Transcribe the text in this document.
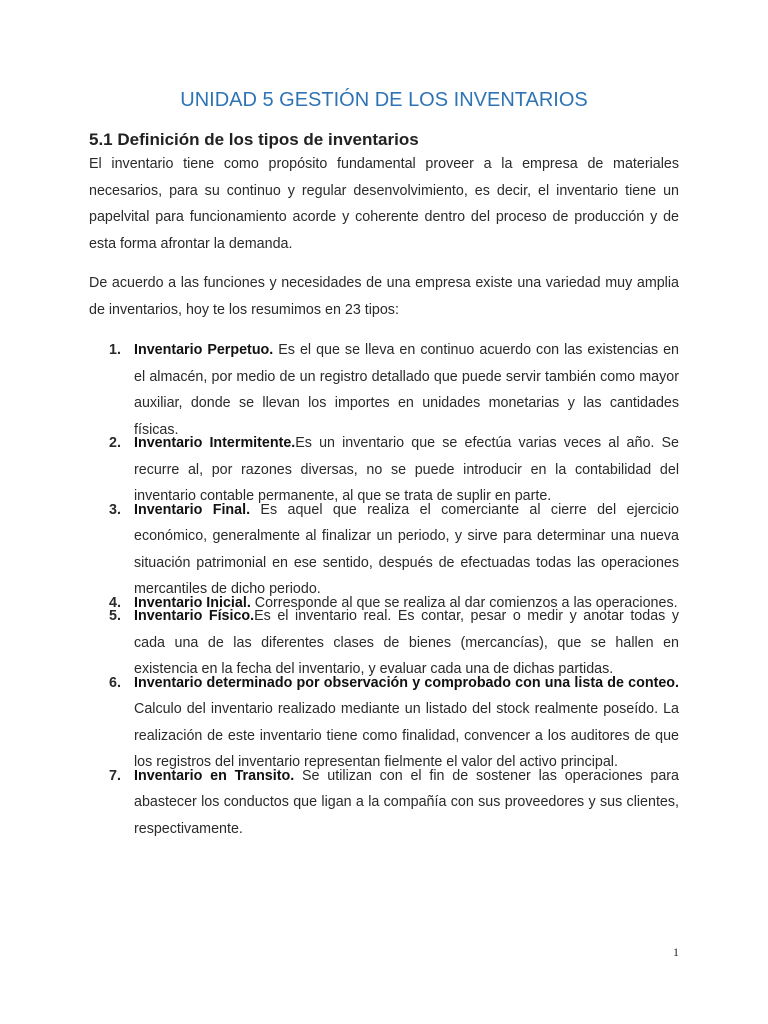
UNIDAD 5 GESTIÓN DE LOS INVENTARIOS
5.1 Definición de los tipos de inventarios

El inventario tiene como propósito fundamental proveer a la empresa de materiales necesarios, para su continuo y regular desenvolvimiento, es decir, el inventario tiene un papelvital para funcionamiento acorde y coherente dentro del proceso de producción y de esta forma afrontar la demanda.

De acuerdo a las funciones y necesidades de una empresa existe una variedad muy amplia de inventarios, hoy te los resumimos en 23 tipos:

1. Inventario Perpetuo. Es el que se lleva en continuo acuerdo con las existencias en el almacén, por medio de un registro detallado que puede servir también como mayor auxiliar, donde se llevan los importes en unidades monetarias y las cantidades físicas.
2. Inventario Intermitente.Es un inventario que se efectúa varias veces al año. Se recurre al, por razones diversas, no se puede introducir en la contabilidad del inventario contable permanente, al que se trata de suplir en parte.
3. Inventario Final. Es aquel que realiza el comerciante al cierre del ejercicio económico, generalmente al finalizar un periodo, y sirve para determinar una nueva situación patrimonial en ese sentido, después de efectuadas todas las operaciones mercantiles de dicho periodo.
4. Inventario Inicial. Corresponde al que se realiza al dar comienzos a las operaciones.
5. Inventario Físico.Es el inventario real. Es contar, pesar o medir y anotar todas y cada una de las diferentes clases de bienes (mercancías), que se hallen en existencia en la fecha del inventario, y evaluar cada una de dichas partidas.
6. Inventario determinado por observación y comprobado con una lista de conteo. Calculo del inventario realizado mediante un listado del stock realmente poseído. La realización de este inventario tiene como finalidad, convencer a los auditores de que los registros del inventario representan fielmente el valor del activo principal.
7. Inventario en Transito. Se utilizan con el fin de sostener las operaciones para abastecer los conductos que ligan a la compañía con sus proveedores y sus clientes, respectivamente.
1
